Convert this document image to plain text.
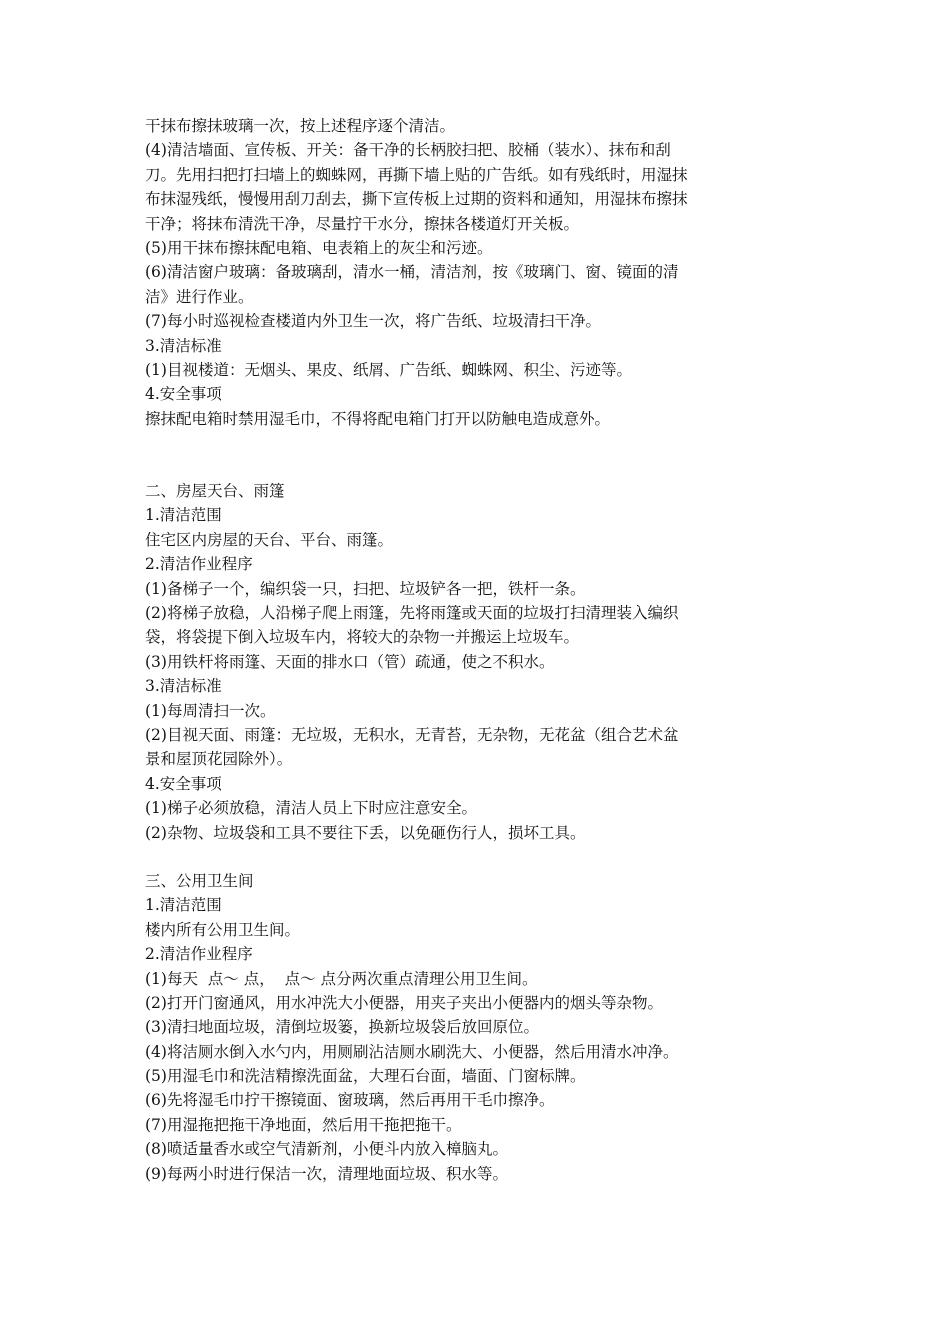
干抹布擦抹玻璃一次，按上述程序逐个清洁。
(4)清洁墙面、宣传板、开关：备干净的长柄胶扫把、胶桶（装水）、抹布和刮
刀。先用扫把打扫墙上的蜘蛛网，再撕下墙上贴的广告纸。如有残纸时，用湿抹
布抹湿残纸，慢慢用刮刀刮去，撕下宣传板上过期的资料和通知，用湿抹布擦抹
干净；将抹布清洗干净，尽量拧干水分，擦抹各楼道灯开关板。
(5)用干抹布擦抹配电箱、电表箱上的灰尘和污迹。
(6)清洁窗户玻璃：备玻璃刮，清水一桶，清洁剂，按《玻璃门、窗、镜面的清
洁》进行作业。
(7)每小时巡视检查楼道内外卫生一次，将广告纸、垃圾清扫干净。
3.清洁标准
(1)目视楼道：无烟头、果皮、纸屑、广告纸、蜘蛛网、积尘、污迹等。
4.安全事项
擦抹配电箱时禁用湿毛巾，不得将配电箱门打开以防触电造成意外。
二、房屋天台、雨篷
1.清洁范围
住宅区内房屋的天台、平台、雨篷。
2.清洁作业程序
(1)备梯子一个，编织袋一只，扫把、垃圾铲各一把，铁杆一条。
(2)将梯子放稳，人沿梯子爬上雨篷，先将雨篷或天面的垃圾打扫清理装入编织
袋，将袋提下倒入垃圾车内，将较大的杂物一并搬运上垃圾车。
(3)用铁杆将雨篷、天面的排水口（管）疏通，使之不积水。
3.清洁标准
(1)每周清扫一次。
(2)目视天面、雨篷：无垃圾，无积水，无青苔，无杂物，无花盆（组合艺术盆
景和屋顶花园除外）。
4.安全事项
(1)梯子必须放稳，清洁人员上下时应注意安全。
(2)杂物、垃圾袋和工具不要往下丢，以免砸伤行人，损坏工具。
三、公用卫生间
1.清洁范围
楼内所有公用卫生间。
2.清洁作业程序
(1)每天  点～ 点，  点～ 点分两次重点清理公用卫生间。
(2)打开门窗通风，用水冲洗大小便器，用夹子夹出小便器内的烟头等杂物。
(3)清扫地面垃圾，清倒垃圾篓，换新垃圾袋后放回原位。
(4)将洁厕水倒入水勺内，用厕刷沾洁厕水刷洗大、小便器，然后用清水冲净。
(5)用湿毛巾和洗洁精擦洗面盆，大理石台面，墙面、门窗标牌。
(6)先将湿毛巾拧干擦镜面、窗玻璃，然后再用干毛巾擦净。
(7)用湿拖把拖干净地面，然后用干拖把拖干。
(8)喷适量香水或空气清新剂，小便斗内放入樟脑丸。
(9)每两小时进行保洁一次，清理地面垃圾、积水等。
